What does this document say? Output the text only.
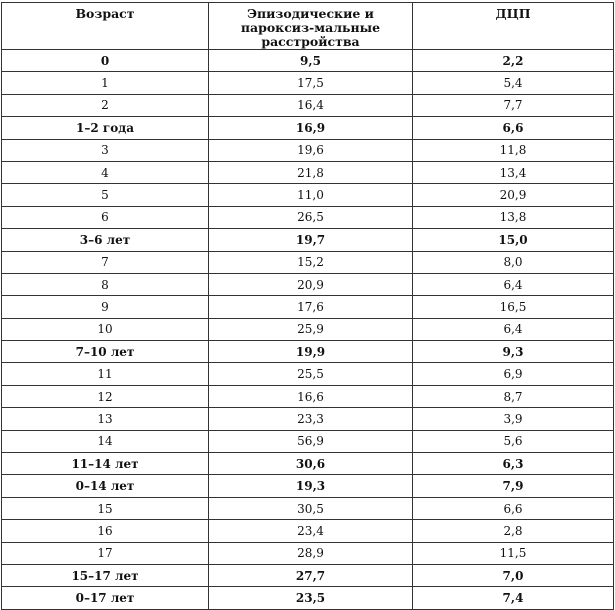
Возраст	Эпизодические и пароксиз-мальные расстройства	ДЦП
0	9,5	2,2
1	17,5	5,4
2	16,4	7,7
1–2 года	16,9	6,6
3	19,6	11,8
4	21,8	13,4
5	11,0	20,9
6	26,5	13,8
3–6 лет	19,7	15,0
7	15,2	8,0
8	20,9	6,4
9	17,6	16,5
10	25,9	6,4
7–10 лет	19,9	9,3
11	25,5	6,9
12	16,6	8,7
13	23,3	3,9
14	56,9	5,6
11–14 лет	30,6	6,3
0–14 лет	19,3	7,9
15	30,5	6,6
16	23,4	2,8
17	28,9	11,5
15–17 лет	27,7	7,0
0–17 лет	23,5	7,4
